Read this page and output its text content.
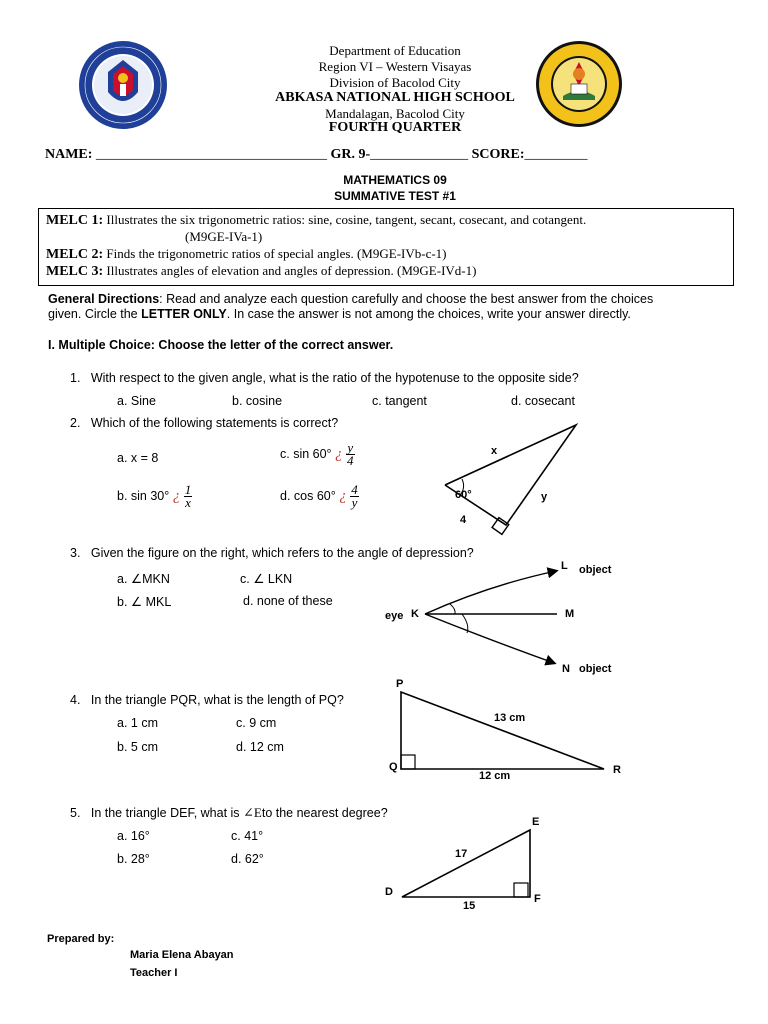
Department of Education
Region VI – Western Visayas
Division of Bacolod City
ABKASA NATIONAL HIGH SCHOOL
Mandalagan, Bacolod City
FOURTH QUARTER
NAME: _________________________________ GR. 9-______________ SCORE:_________
MATHEMATICS 09
SUMMATIVE TEST #1
MELC 1: Illustrates the six trigonometric ratios: sine, cosine, tangent, secant, cosecant, and cotangent.
(M9GE-IVa-1)
MELC 2: Finds the trigonometric ratios of special angles. (M9GE-IVb-c-1)
MELC 3: Illustrates angles of elevation and angles of depression. (M9GE-IVd-1)
General Directions: Read and analyze each question carefully and choose the best answer from the choices
given. Circle the LETTER ONLY. In case the answer is not among the choices, write your answer directly.
I. Multiple Choice: Choose the letter of the correct answer.
1. With respect to the given angle, what is the ratio of the hypotenuse to the opposite side?
a. Sine	b. cosine	c. tangent	d. cosecant
2. Which of the following statements is correct?
a. x = 8	c. sin 60° ¿ $\frac{y}{4}$
b. sin 30° ¿ $\frac{1}{x}$	d. cos 60° ¿ $\frac{4}{y}$
x
y
60°
4
3. Given the figure on the right, which refers to the angle of depression?
a. ∠MKN	c. ∠ LKN
b. ∠ MKL	d. none of these
L object
eye K	M
N object
4. In the triangle PQR, what is the length of PQ?
a. 1 cm	c. 9 cm
b. 5 cm	d. 12 cm
P
Q	R
13 cm
12 cm
5. In the triangle DEF, what is ∠Eto the nearest degree?
a. 16°	c. 41°
b. 28°	d. 62°
E
D
F
17
15
Prepared by:
Maria Elena Abayan
Teacher I
